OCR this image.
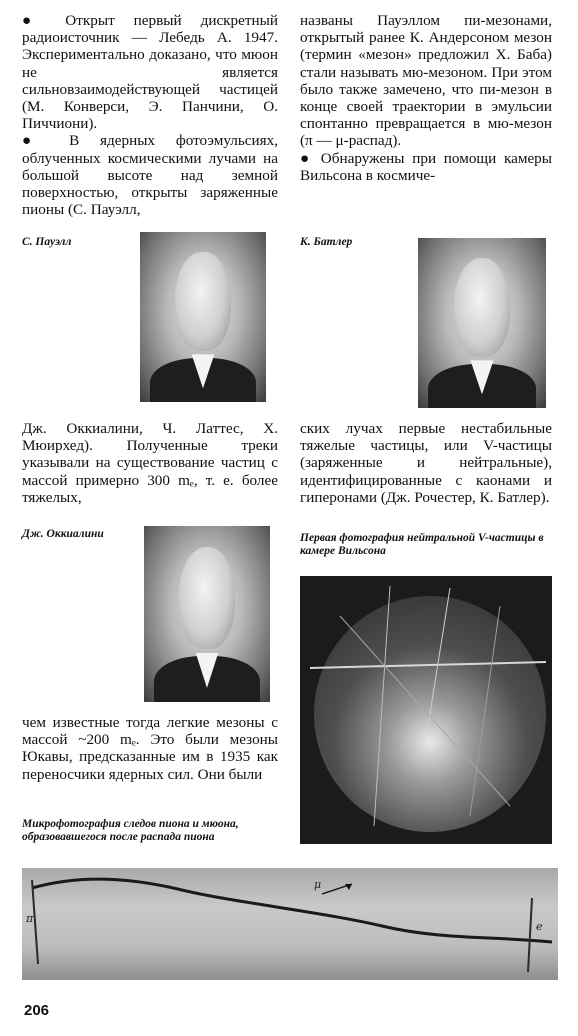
● Открыт первый дискретный радиоисточник — Лебедь А. 1947. Экспериментально доказано, что мюон не является сильновзаимодействующей частицей (М. Конверси, Э. Панчини, О. Пиччиони).

● В ядерных фотоэмульсиях, облученных космическими лучами на большой высоте над земной поверхностью, открыты заряженные пионы (С. Пауэлл,

С. Пауэлл

Дж. Оккиалини, Ч. Латтес, Х. Мюирхед). Полученные треки указывали на существование частиц с массой примерно 300 mₑ, т. е. более тяжелых,

Дж. Оккиалини

чем известные тогда легкие мезоны с массой ~200 mₑ. Это были мезоны Юкавы, предсказанные им в 1935 как переносчики ядерных сил. Они были

Микрофотография следов пиона и мюона, образовавшегося после распада пиона

названы Пауэллом пи-мезонами, открытый ранее К. Андерсоном мезон (термин «мезон» предложил Х. Баба) стали называть мю-мезоном. При этом было также замечено, что пи-мезон в конце своей траектории в эмульсии спонтанно превращается в мю-мезон (π — μ-распад).

● Обнаружены при помощи камеры Вильсона в космиче-

К. Батлер

ских лучах первые нестабильные тяжелые частицы, или V-частицы (заряженные и нейтральные), идентифицированные с каонами и гиперонами (Дж. Рочестер, К. Батлер).

Первая фотография нейтральной V-частицы в камере Вильсона
π
μ
e
206
